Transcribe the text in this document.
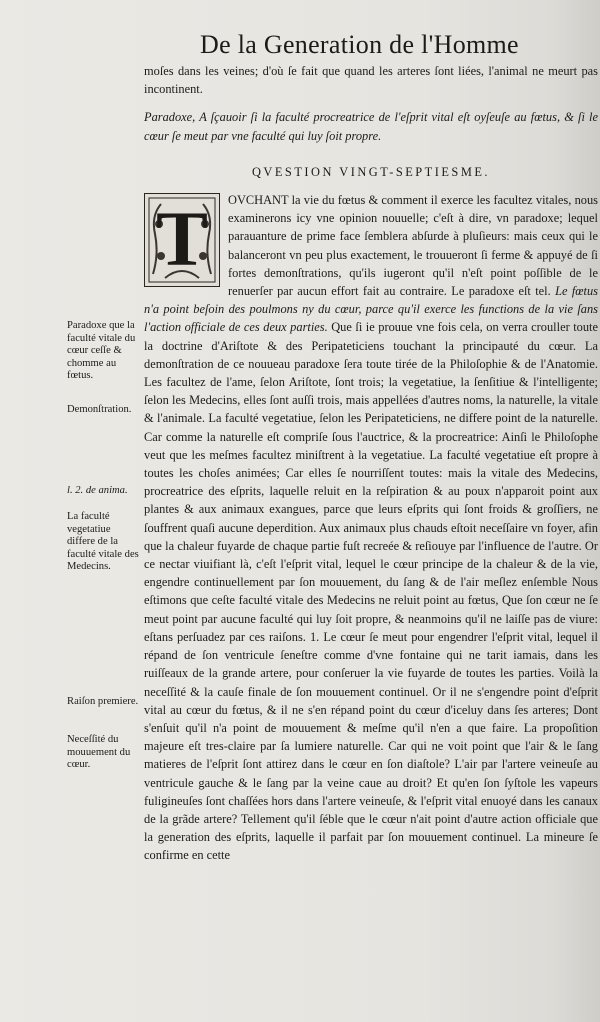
De la Generation de l'Homme

moſes dans les veines; d'où ſe fait que quand les arteres ſont liées, l'animal ne meurt pas incontinent.

Paradoxe, A ſçauoir ſi la faculté procreatrice de l'eſprit vital eſt oyſeuſe au fœtus, & ſi le cœur ſe meut par vne faculté qui luy ſoit propre.

QVESTION VINGT-SEPTIESME.

T	OVCHANT la vie du fœtus & comment il exerce les facultez vitales, nous examinerons icy vne opinion nouuelle; c'eſt à dire, vn paradoxe; lequel parauanture de prime face ſemblera abſurde à pluſieurs: mais ceux qui le balanceront vn peu plus exactement, le trouueront ſi ferme & appuyé de ſi fortes demonſtrations, qu'ils iugeront qu'il n'eſt point poſſible de le renuerſer par aucun effort fait au contraire. Le paradoxe eſt tel. Le fœtus n'a point beſoin des poulmons ny du cœur, parce qu'il exerce les functions de la vie ſans l'action officiale de ces deux parties. Que ſi ie prouue vne fois cela, on verra crouller toute la doctrine d'Ariſtote & des Peripateticiens touchant la principauté du cœur. La demonſtration de ce nouueau paradoxe ſera toute tirée de la Philoſophie & de l'Anatomie. Les facultez de l'ame, ſelon Ariſtote, ſont trois; la vegetatiue, la ſenſitiue & l'intelligente; ſelon les Medecins, elles ſont auſſi trois, mais appellées d'autres noms, la naturelle, la vitale & l'animale. La faculté vegetatiue, ſelon les Peripateticiens, ne differe point de la naturelle. Car comme la naturelle eſt compriſe ſous l'auctrice, & la procreatrice: Ainſi le Philoſophe veut que les meſmes facultez miniſtrent à la vegetatiue. La faculté vegetatiue eſt propre à toutes les choſes animées; Car elles ſe nourriſſent toutes: mais la vitale des Medecins, procreatrice des eſprits, laquelle reluit en la reſpiration & au poux n'apparoit point aux plantes & aux animaux exangues, parce que leurs eſprits qui ſont froids & groſſiers, ne ſouffrent quaſi aucune deperdition. Aux animaux plus chauds eſtoit neceſſaire vn foyer, afin que la chaleur fuyarde de chaque partie fuſt recreée & reſiouye par l'influence de l'autre. Or ce nectar viuifiant là, c'eſt l'eſprit vital, lequel le cœur principe de la chaleur & de la vie, engendre continuellement par ſon mouuement, du ſang & de l'air meſlez enſemble Nous eſtimons que ceſte faculté vitale des Medecins ne reluit point au fœtus, Que ſon cœur ne ſe meut point par aucune faculté qui luy ſoit propre, & neanmoins qu'il ne laiſſe pas de viure: eſtans perſuadez par ces raiſons. 1. Le cœur ſe meut pour engendrer l'eſprit vital, lequel il répand de ſon ventricule ſeneſtre comme d'vne fontaine qui ne tarit iamais, dans les ruiſſeaux de la grande artere, pour conſeruer la vie fuyarde de toutes les parties. Voilà la neceſſité & la cauſe finale de ſon mouuement continuel. Or il ne s'engendre point d'eſprit vital au cœur du fœtus, & il ne s'en répand point du cœur d'iceluy dans ſes arteres; Dont s'enſuit qu'il n'a point de mouuement & meſme qu'il n'en a que faire. La propoſition majeure eſt tres-claire par ſa lumiere naturelle. Car qui ne voit point que l'air & le ſang matieres de l'eſprit ſont attirez dans le cœur en ſon diaſtole? L'air par l'artere veineuſe au ventricule gauche & le ſang par la veine caue au droit? Et qu'en ſon ſyſtole les vapeurs fuligineuſes ſont chaſſées hors dans l'artere veineuſe, & l'eſprit vital enuoyé dans les canaux de la grãde artere? Tellement qu'il ſéble que le cœur n'ait point d'autre action officiale que la generation des eſprits, laquelle il parfait par ſon mouuement continuel. La mineure ſe confirme en cette

Paradoxe que la faculté vitale du cœur ceſſe & chomme au fœtus.
Demonſtration.
l. 2. de anima.
La faculté vegetatiue differe de la faculté vitale des Medecins.
Raiſon premiere.
Neceſſité du mouuement du cœur.
